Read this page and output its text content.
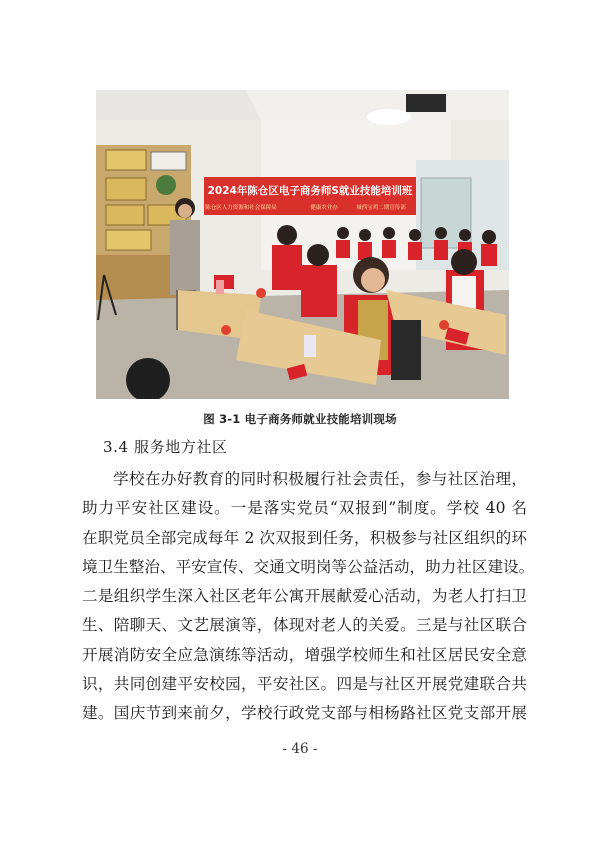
2024年陈仓区电子商务师S就业技能培训班
陈仓区人力资源和社会保障局	健康农业办	城西宝鸡二期宣传部
图 3-1 电子商务师就业技能培训现场
3.4 服务地方社区
学校在办好教育的同时积极履行社会责任，参与社区治理，
助力平安社区建设。一是落实党员“双报到”制度。学校 40 名
在职党员全部完成每年 2 次双报到任务，积极参与社区组织的环
境卫生整治、平安宣传、交通文明岗等公益活动，助力社区建设。
二是组织学生深入社区老年公寓开展献爱心活动，为老人打扫卫
生、陪聊天、文艺展演等，体现对老人的关爱。三是与社区联合
开展消防安全应急演练等活动，增强学校师生和社区居民安全意
识，共同创建平安校园，平安社区。四是与社区开展党建联合共
建。国庆节到来前夕，学校行政党支部与相杨路社区党支部开展
- 46 -
